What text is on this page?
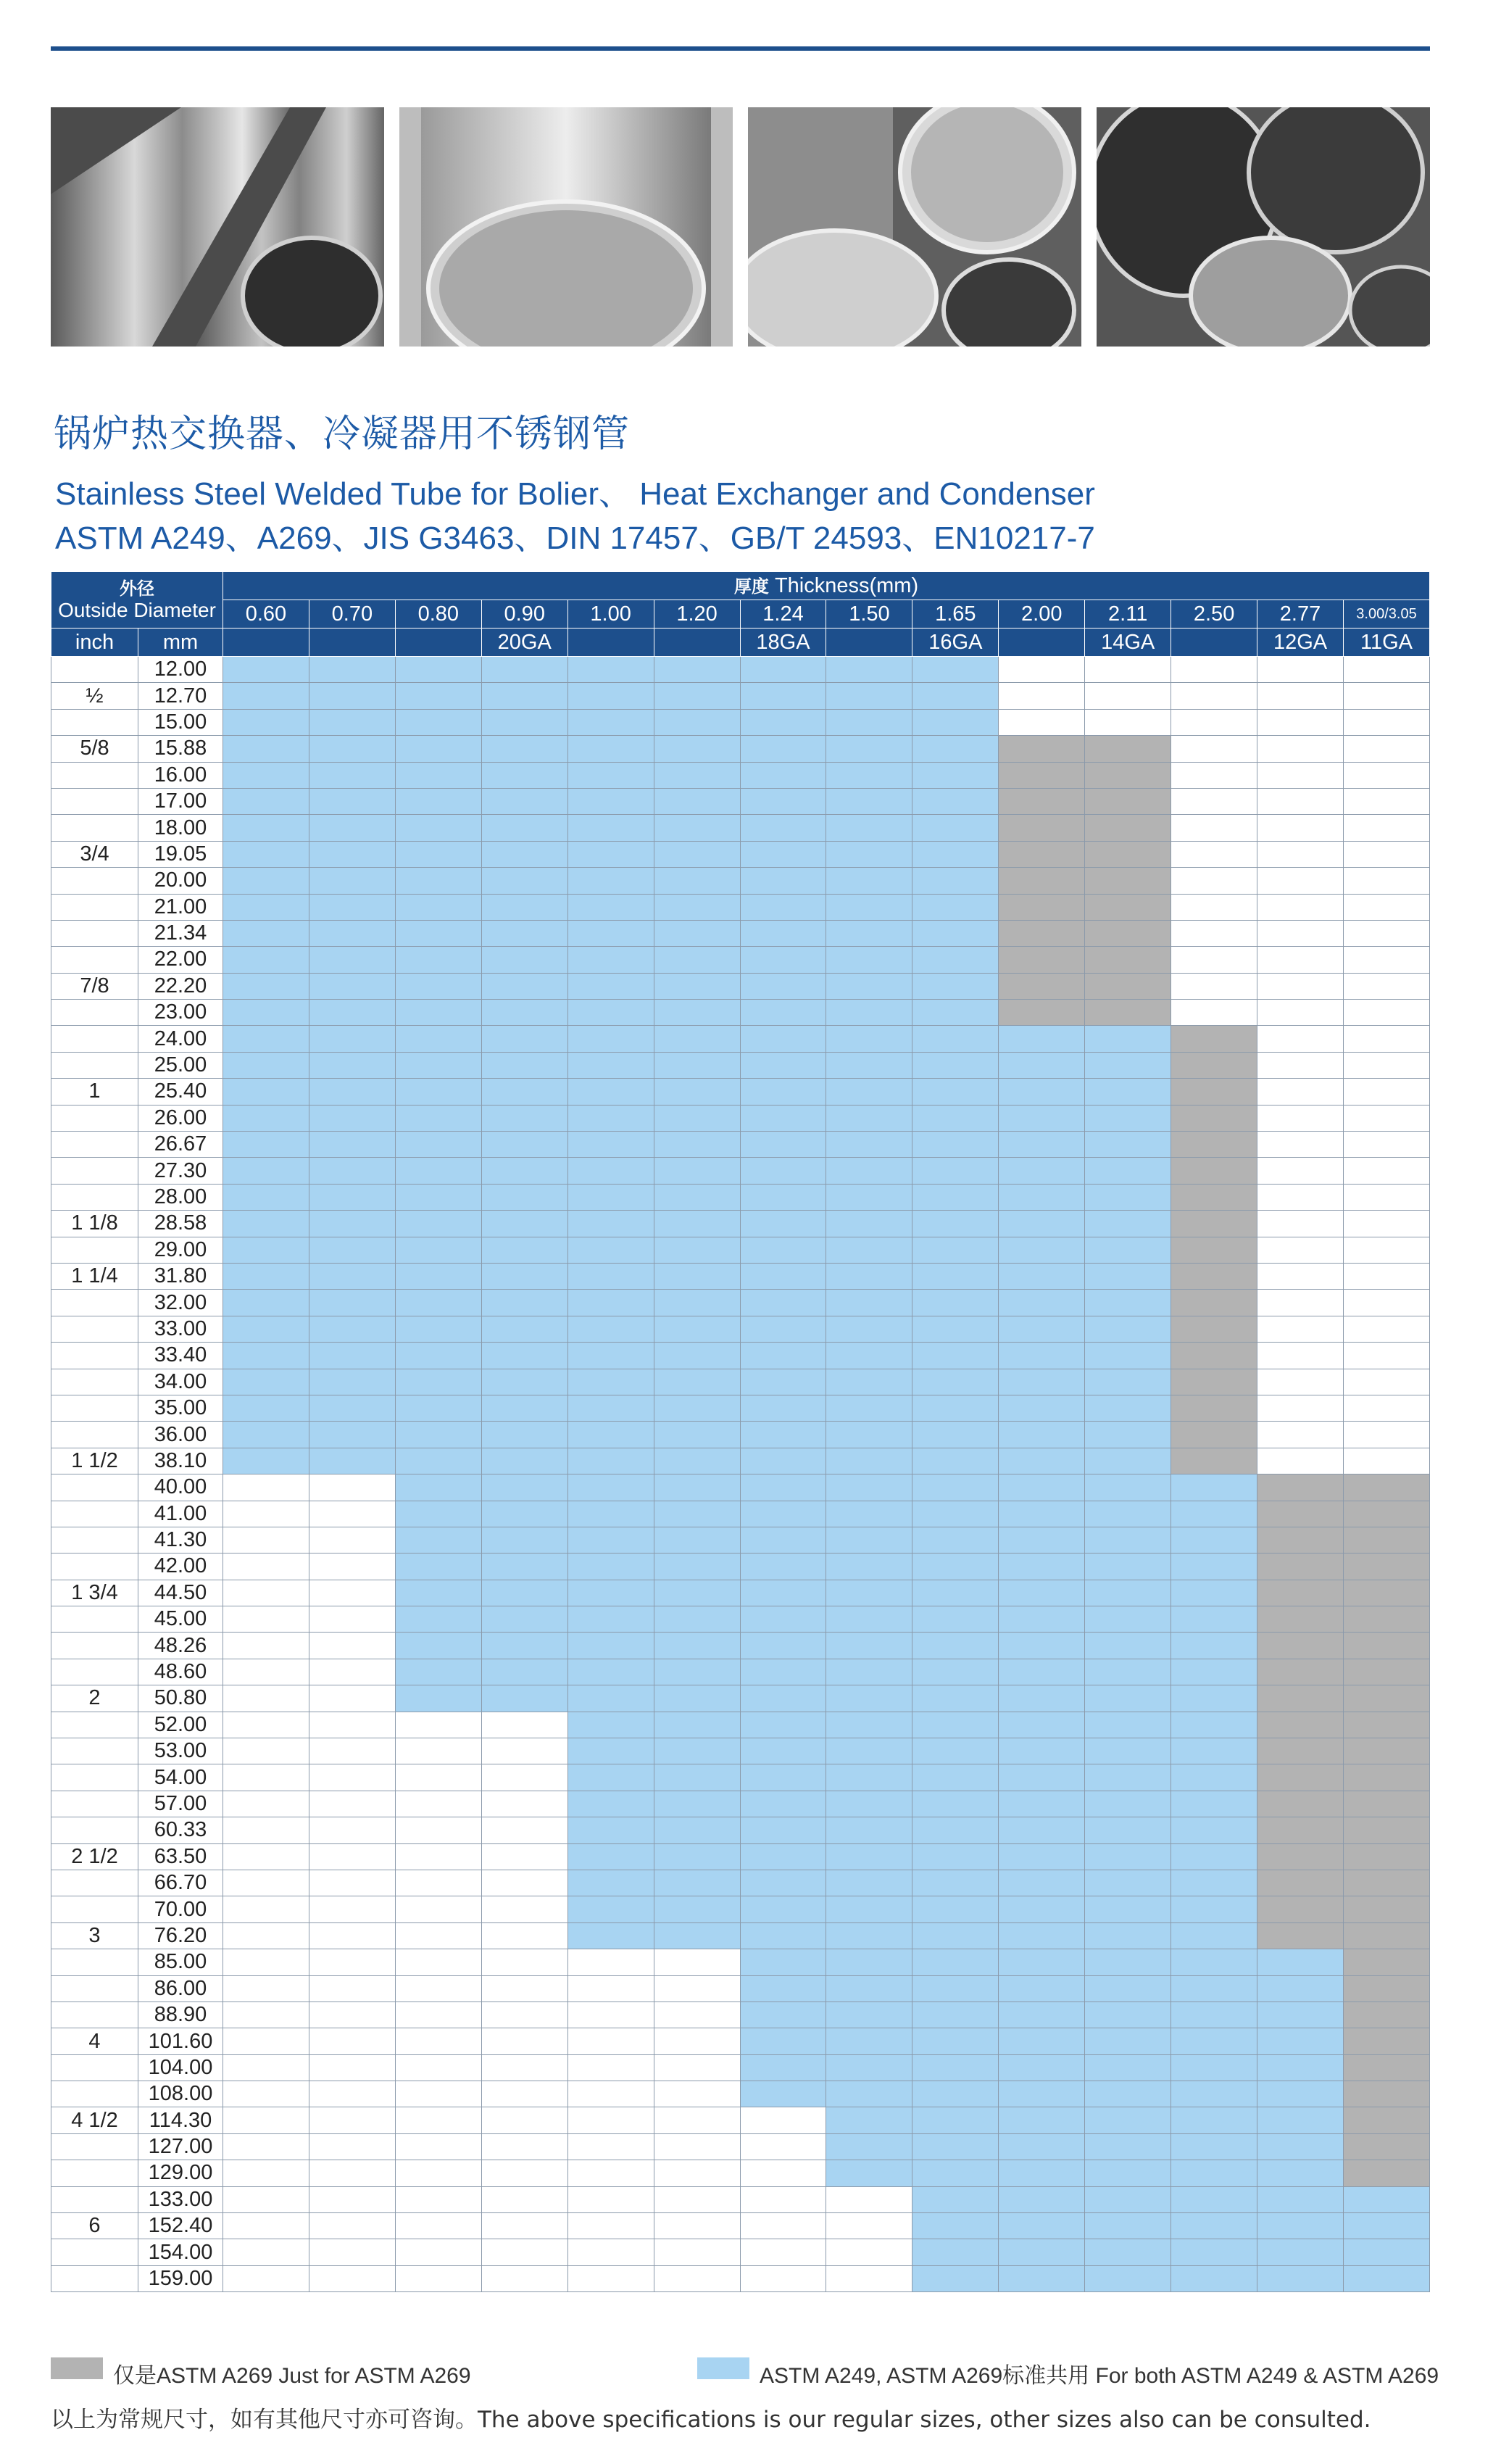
锅炉热交换器、冷凝器用不锈钢管
Stainless Steel Welded Tube for Bolier、 Heat Exchanger and Condenser
ASTM A249、A269、JIS G3463、DIN 17457、GB/T 24593、EN10217-7
外径
Outside Diameter		厚度 Thickness(mm)													
		0.60	0.70	0.80	0.90	1.00	1.20	1.24	1.50	1.65	2.00	2.11	2.50	2.77	3.00/3.05
inch	mm				20GA			18GA		16GA		14GA		12GA	11GA
	12.00														
½	12.70														
	15.00														
5/8	15.88														
	16.00														
	17.00														
	18.00														
3/4	19.05														
	20.00														
	21.00														
	21.34														
	22.00														
7/8	22.20														
	23.00														
	24.00														
	25.00														
1	25.40														
	26.00														
	26.67														
	27.30														
	28.00														
1 1/8	28.58														
	29.00														
1 1/4	31.80														
	32.00														
	33.00														
	33.40														
	34.00														
	35.00														
	36.00														
1 1/2	38.10														
	40.00														
	41.00														
	41.30														
	42.00														
1 3/4	44.50														
	45.00														
	48.26														
	48.60														
2	50.80														
	52.00														
	53.00														
	54.00														
	57.00														
	60.33														
2 1/2	63.50														
	66.70														
	70.00														
3	76.20														
	85.00														
	86.00														
	88.90														
4	101.60														
	104.00														
	108.00														
4 1/2	114.30														
	127.00														
	129.00														
	133.00														
6	152.40														
	154.00														
	159.00														
仅是ASTM A269 Just for ASTM A269	ASTM A249, ASTM A269标准共用 For both ASTM A249 & ASTM A269
以上为常规尺寸，如有其他尺寸亦可咨询。The above specifications is our regular sizes, other sizes also can be consulted.
